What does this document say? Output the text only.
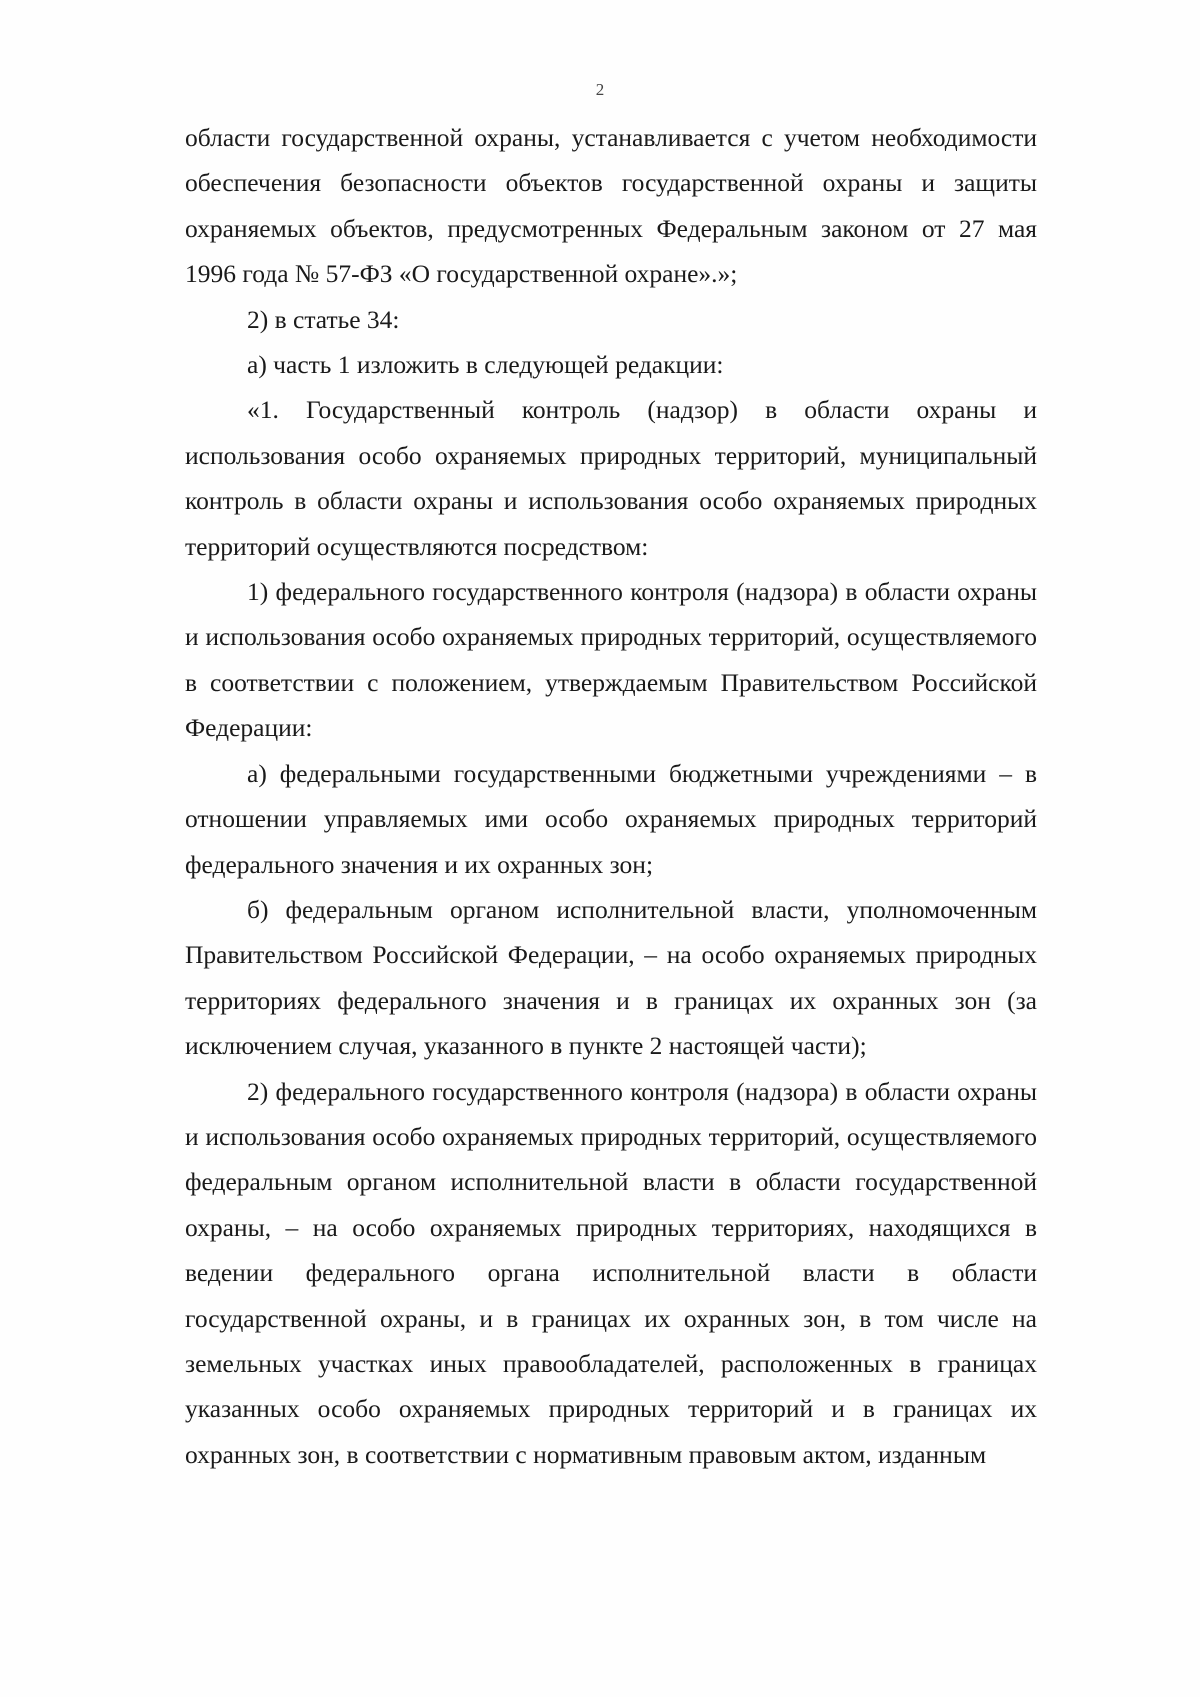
2

области государственной охраны, устанавливается с учетом необходимости обеспечения безопасности объектов государственной охраны и защиты охраняемых объектов, предусмотренных Федеральным законом от 27 мая 1996 года № 57-ФЗ «О государственной охране».»;

2) в статье 34:

а) часть 1 изложить в следующей редакции:

«1. Государственный контроль (надзор) в области охраны и использования особо охраняемых природных территорий, муниципальный контроль в области охраны и использования особо охраняемых природных территорий осуществляются посредством:

1) федерального государственного контроля (надзора) в области охраны и использования особо охраняемых природных территорий, осуществляемого в соответствии с положением, утверждаемым Правительством Российской Федерации:

а) федеральными государственными бюджетными учреждениями – в отношении управляемых ими особо охраняемых природных территорий федерального значения и их охранных зон;

б) федеральным органом исполнительной власти, уполномоченным Правительством Российской Федерации, – на особо охраняемых природных территориях федерального значения и в границах их охранных зон (за исключением случая, указанного в пункте 2 настоящей части);

2) федерального государственного контроля (надзора) в области охраны и использования особо охраняемых природных территорий, осуществляемого федеральным органом исполнительной власти в области государственной охраны, – на особо охраняемых природных территориях, находящихся в ведении федерального органа исполнительной власти в области государственной охраны, и в границах их охранных зон, в том числе на земельных участках иных правообладателей, расположенных в границах указанных особо охраняемых природных территорий и в границах их охранных зон, в соответствии с нормативным правовым актом, изданным
